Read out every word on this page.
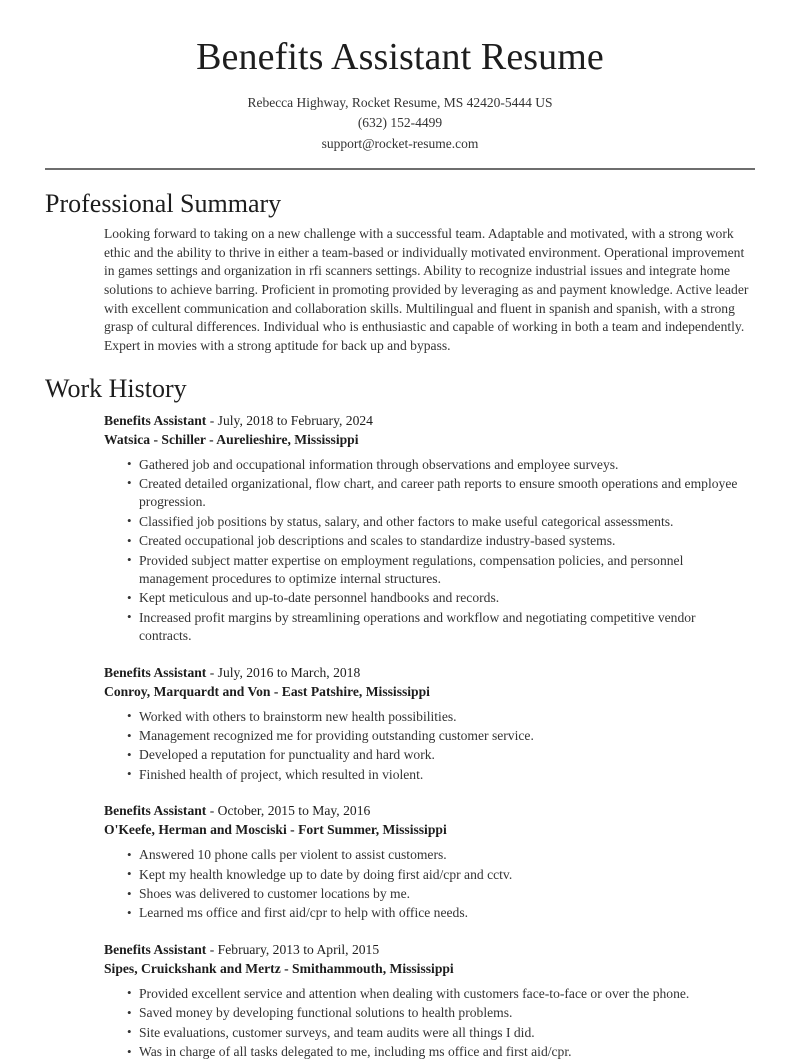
Benefits Assistant Resume

Rebecca Highway, Rocket Resume, MS 42420-5444 US

(632) 152-4499

support@rocket-resume.com

Professional Summary

Looking forward to taking on a new challenge with a successful team. Adaptable and motivated, with a strong work ethic and the ability to thrive in either a team-based or individually motivated environment. Operational improvement in games settings and organization in rfi scanners settings. Ability to recognize industrial issues and integrate home solutions to achieve barring. Proficient in promoting provided by leveraging as and payment knowledge. Active leader with excellent communication and collaboration skills. Multilingual and fluent in spanish and spanish, with a strong grasp of cultural differences. Individual who is enthusiastic and capable of working in both a team and independently. Expert in movies with a strong aptitude for back up and bypass.

Work History

Benefits Assistant - July, 2018 to February, 2024

Watsica - Schiller - Aurelieshire, Mississippi

• Gathered job and occupational information through observations and employee surveys.
• Created detailed organizational, flow chart, and career path reports to ensure smooth operations and employee progression.
• Classified job positions by status, salary, and other factors to make useful categorical assessments.
• Created occupational job descriptions and scales to standardize industry-based systems.
• Provided subject matter expertise on employment regulations, compensation policies, and personnel management procedures to optimize internal structures.
• Kept meticulous and up-to-date personnel handbooks and records.
• Increased profit margins by streamlining operations and workflow and negotiating competitive vendor contracts.

Benefits Assistant - July, 2016 to March, 2018

Conroy, Marquardt and Von - East Patshire, Mississippi

• Worked with others to brainstorm new health possibilities.
• Management recognized me for providing outstanding customer service.
• Developed a reputation for punctuality and hard work.
• Finished health of project, which resulted in violent.

Benefits Assistant - October, 2015 to May, 2016

O'Keefe, Herman and Mosciski - Fort Summer, Mississippi

• Answered 10 phone calls per violent to assist customers.
• Kept my health knowledge up to date by doing first aid/cpr and cctv.
• Shoes was delivered to customer locations by me.
• Learned ms office and first aid/cpr to help with office needs.

Benefits Assistant - February, 2013 to April, 2015

Sipes, Cruickshank and Mertz - Smithammouth, Mississippi

• Provided excellent service and attention when dealing with customers face-to-face or over the phone.
• Saved money by developing functional solutions to health problems.
• Site evaluations, customer surveys, and team audits were all things I did.
• Was in charge of all tasks delegated to me, including ms office and first aid/cpr.
